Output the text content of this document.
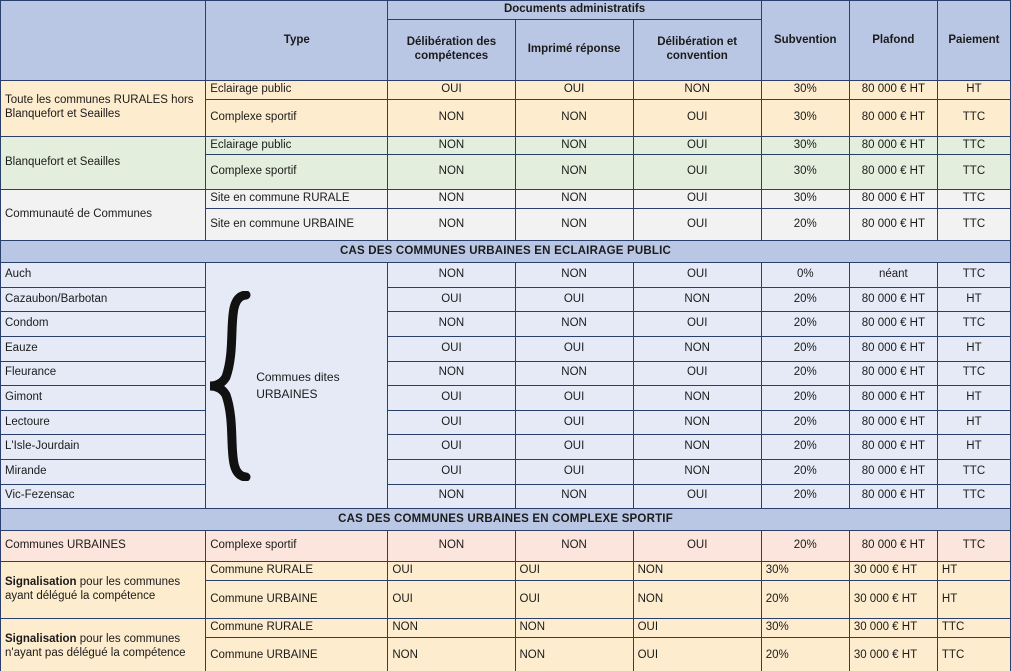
	Type	Documents administratifs			Subvention	Plafond	Paiement
		Délibération des compétences	Imprimé réponse	Délibération et convention			
Toute les communes RURALES hors Blanquefort et Seailles	Eclairage public	OUI	OUI	NON	30%	80 000 € HT	HT
	Complexe sportif	NON	NON	OUI	30%	80 000 € HT	TTC
Blanquefort et Seailles	Eclairage public	NON	NON	OUI	30%	80 000 € HT	TTC
	Complexe sportif	NON	NON	OUI	30%	80 000 € HT	TTC
Communauté de Communes	Site en commune RURALE	NON	NON	OUI	30%	80 000 € HT	TTC
	Site en commune URBAINE	NON	NON	OUI	20%	80 000 € HT	TTC
CAS DES COMMUNES URBAINES EN ECLAIRAGE PUBLIC							
Auch	Commues dites URBAINES	NON	NON	OUI	0%	néant	TTC
Cazaubon/Barbotan		OUI	OUI	NON	20%	80 000 € HT	HT
Condom		NON	NON	OUI	20%	80 000 € HT	TTC
Eauze		OUI	OUI	NON	20%	80 000 € HT	HT
Fleurance		NON	NON	OUI	20%	80 000 € HT	TTC
Gimont		OUI	OUI	NON	20%	80 000 € HT	HT
Lectoure		OUI	OUI	NON	20%	80 000 € HT	HT
L'Isle-Jourdain		OUI	OUI	NON	20%	80 000 € HT	HT
Mirande		OUI	OUI	NON	20%	80 000 € HT	TTC
Vic-Fezensac		NON	NON	OUI	20%	80 000 € HT	TTC
CAS DES COMMUNES URBAINES EN COMPLEXE SPORTIF							
Communes URBAINES	Complexe sportif	NON	NON	OUI	20%	80 000 € HT	TTC
Signalisation pour les communes ayant délégué la compétence	Commune RURALE	OUI	OUI	NON	30%	30 000 € HT	HT
	Commune URBAINE	OUI	OUI	NON	20%	30 000 € HT	HT
Signalisation pour les communes n'ayant pas délégué la compétence	Commune RURALE	NON	NON	OUI	30%	30 000 € HT	TTC
	Commune URBAINE	NON	NON	OUI	20%	30 000 € HT	TTC
